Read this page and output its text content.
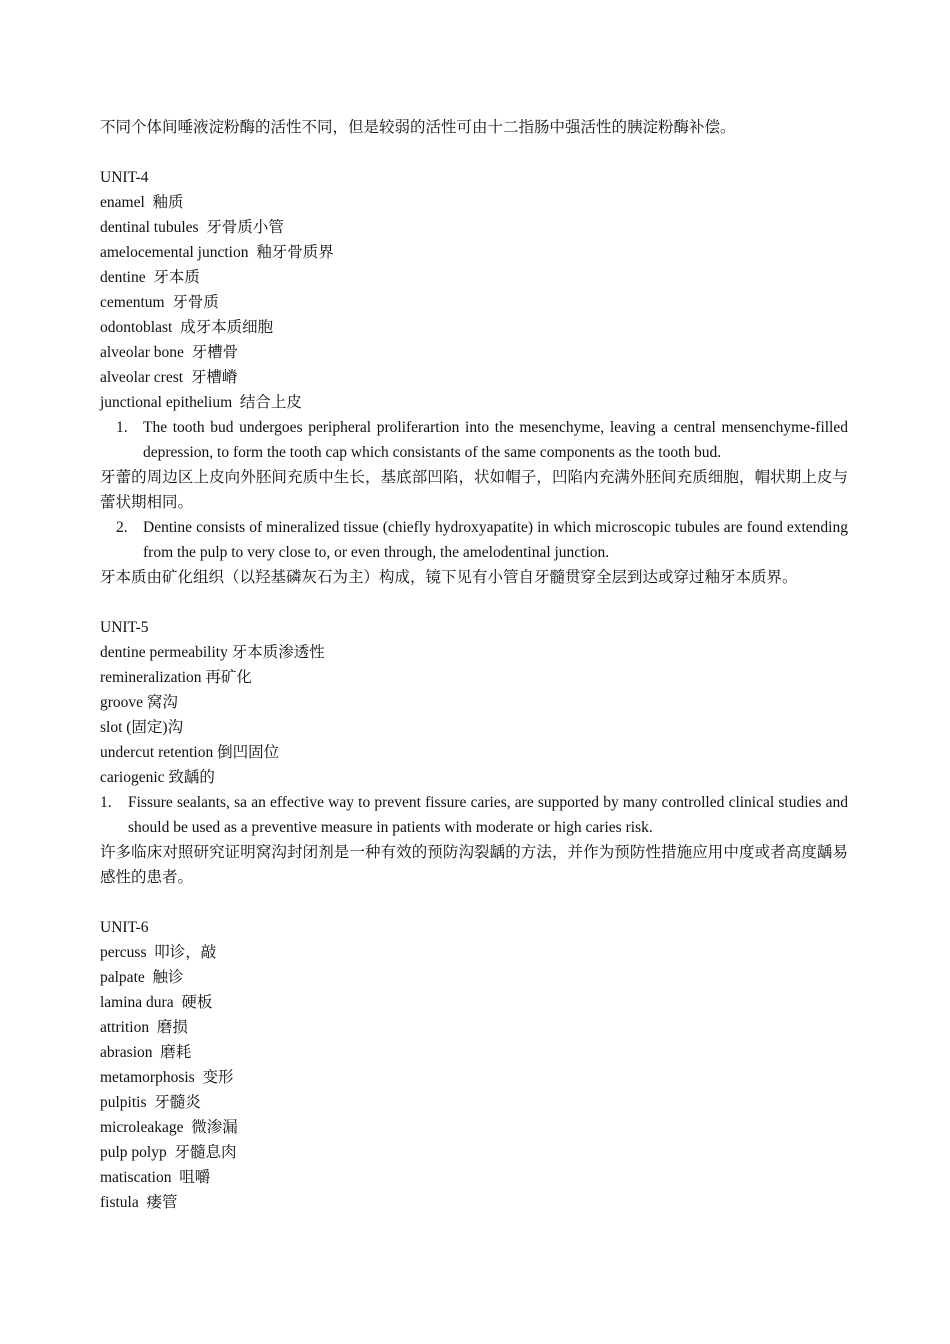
不同个体间唾液淀粉酶的活性不同，但是较弱的活性可由十二指肠中强活性的胰淀粉酶补偿。
UNIT-4
enamel 釉质
dentinal tubules 牙骨质小管
amelocemental junction 釉牙骨质界
dentine 牙本质
cementum 牙骨质
odontoblast 成牙本质细胞
alveolar bone 牙槽骨
alveolar crest 牙槽嵴
junctional epithelium 结合上皮
1. The tooth bud undergoes peripheral proliferartion into the mesenchyme, leaving a central mensenchyme-filled depression, to form the tooth cap which consistants of the same components as the tooth bud.
牙蕾的周边区上皮向外胚间充质中生长，基底部凹陷，状如帽子，凹陷内充满外胚间充质细胞，帽状期上皮与蕾状期相同。
2. Dentine consists of mineralized tissue (chiefly hydroxyapatite) in which microscopic tubules are found extending from the pulp to very close to, or even through, the amelodentinal junction.
牙本质由矿化组织（以羟基磷灰石为主）构成，镜下见有小管自牙髓贯穿全层到达或穿过釉牙本质界。
UNIT-5
dentine permeability 牙本质渗透性
remineralization 再矿化
groove 窝沟
slot (固定)沟
undercut retention 倒凹固位
cariogenic 致龋的
1.	Fissure sealants, sa an effective way to prevent fissure caries, are supported by many controlled clinical studies and should be used as a preventive measure in patients with moderate or high caries risk.
许多临床对照研究证明窝沟封闭剂是一种有效的预防沟裂龋的方法，并作为预防性措施应用中度或者高度龋易感性的患者。
UNIT-6
percuss 叩诊，敲
palpate 触诊
lamina dura 硬板
attrition 磨损
abrasion 磨耗
metamorphosis 变形
pulpitis 牙髓炎
microleakage 微渗漏
pulp polyp 牙髓息肉
matiscation 咀嚼
fistula 瘘管
